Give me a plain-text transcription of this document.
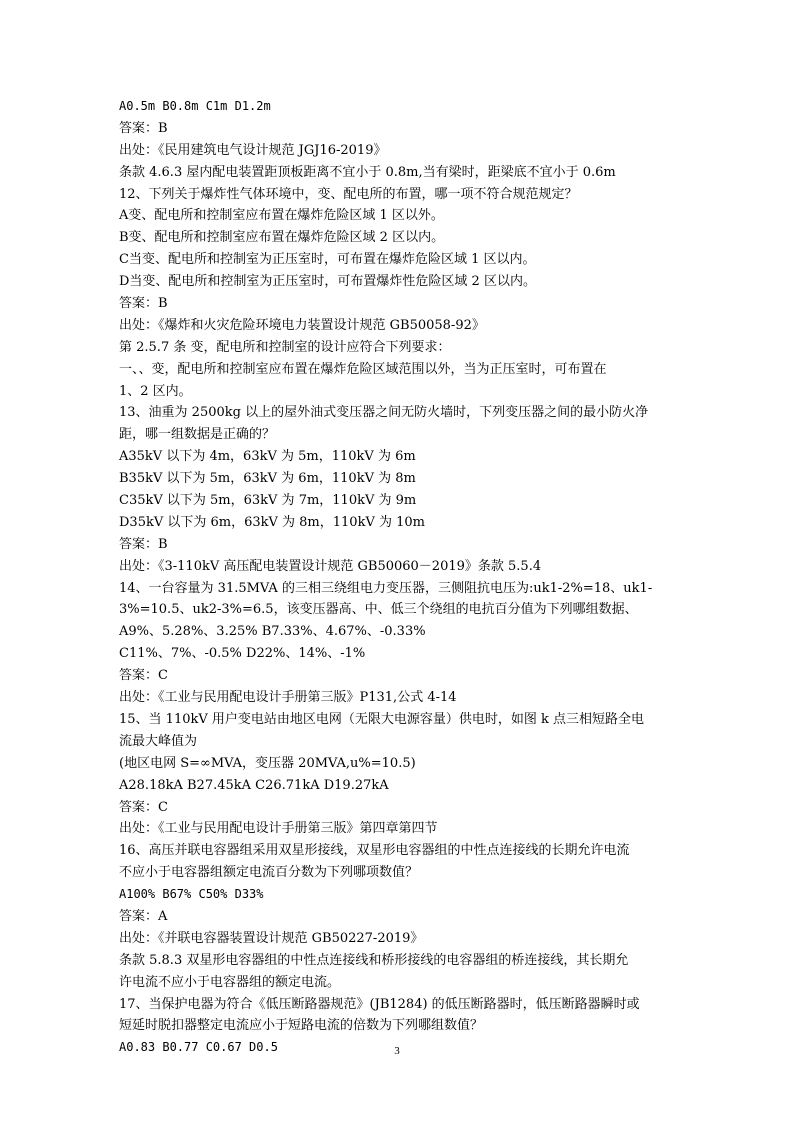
A0.5m B0.8m C1m D1.2m
答案：B
出处：《民用建筑电气设计规范 JGJ16-2019》
条款 4.6.3 屋内配电装置距顶板距离不宜小于 0.8m,当有梁时，距梁底不宜小于 0.6m
12、下列关于爆炸性气体环境中，变、配电所的布置，哪一项不符合规范规定？
A变、配电所和控制室应布置在爆炸危险区域 1 区以外。
B变、配电所和控制室应布置在爆炸危险区域 2 区以内。
C当变、配电所和控制室为正压室时，可布置在爆炸危险区域 1 区以内。
D当变、配电所和控制室为正压室时，可布置爆炸性危险区域 2 区以内。
答案：B
出处：《爆炸和火灾危险环境电力装置设计规范 GB50058-92》
第 2.5.7 条 变，配电所和控制室的设计应符合下列要求：
一、、变，配电所和控制室应布置在爆炸危险区域范围以外，当为正压室时，可布置在
1、2 区内。
13、油重为 2500kg 以上的屋外油式变压器之间无防火墙时，下列变压器之间的最小防火净
距，哪一组数据是正确的？
A35kV 以下为 4m，63kV 为 5m，110kV 为 6m
B35kV 以下为 5m，63kV 为 6m，110kV 为 8m
C35kV 以下为 5m，63kV 为 7m，110kV 为 9m
D35kV 以下为 6m，63kV 为 8m，110kV 为 10m
答案：B
出处：《3-110kV 高压配电装置设计规范 GB50060－2019》条款 5.5.4
14、一台容量为 31.5MVA 的三相三绕组电力变压器，三侧阻抗电压为:uk1-2%=18、uk1-
3%=10.5、uk2-3%=6.5，该变压器高、中、低三个绕组的电抗百分值为下列哪组数据、
A9%、5.28%、3.25% B7.33%、4.67%、-0.33%
C11%、7%、-0.5% D22%、14%、-1%
答案：C
出处：《工业与民用配电设计手册第三版》P131,公式 4-14
15、当 110kV 用户变电站由地区电网（无限大电源容量）供电时，如图 k 点三相短路全电
流最大峰值为
(地区电网 S=∞MVA，变压器 20MVA,u%=10.5)
A28.18kA B27.45kA C26.71kA D19.27kA
答案：C
出处：《工业与民用配电设计手册第三版》第四章第四节
16、高压并联电容器组采用双星形接线，双星形电容器组的中性点连接线的长期允许电流
不应小于电容器组额定电流百分数为下列哪项数值？
A100% B67% C50% D33%
答案：A
出处：《并联电容器装置设计规范 GB50227-2019》
条款 5.8.3 双星形电容器组的中性点连接线和桥形接线的电容器组的桥连接线，其长期允
许电流不应小于电容器组的额定电流。
17、当保护电器为符合《低压断路器规范》(JB1284) 的低压断路器时，低压断路器瞬时或
短延时脱扣器整定电流应小于短路电流的倍数为下列哪组数值？
A0.83 B0.77 C0.67 D0.5	3
